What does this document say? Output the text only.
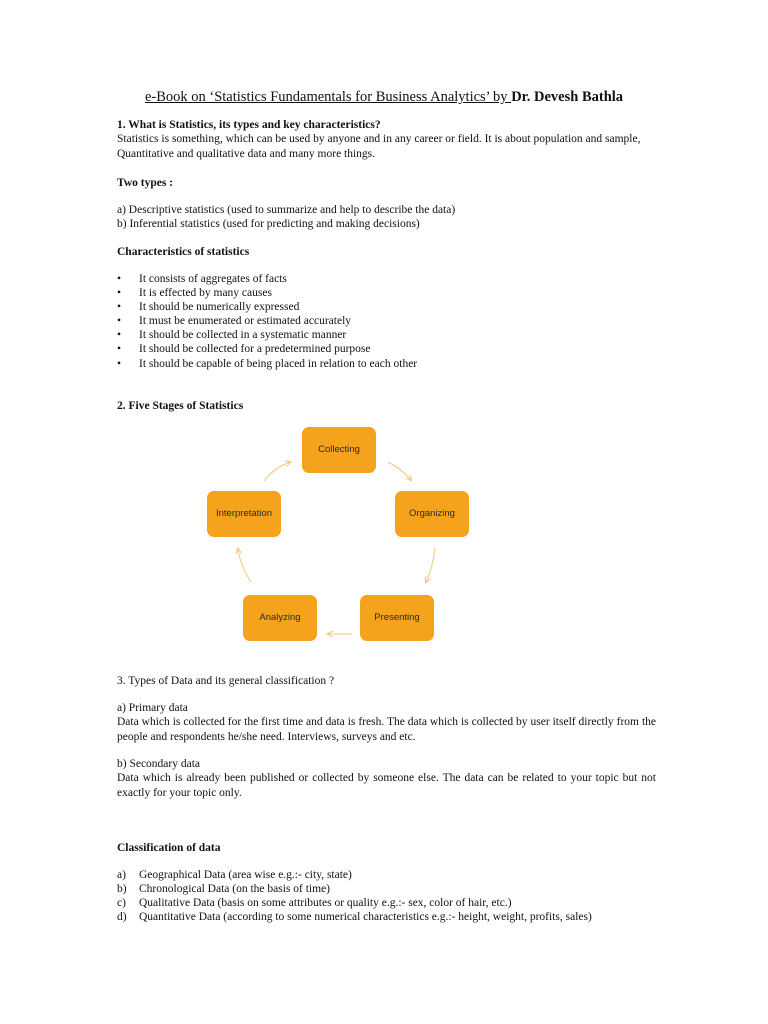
e-Book on ‘Statistics Fundamentals for Business Analytics’ by Dr. Devesh Bathla
1. What is Statistics, its types and key characteristics?

Statistics is something, which can be used by anyone and in any career or field. It is about population and sample, Quantitative and qualitative data and many more things.

Two types :

a) Descriptive statistics (used to summarize and help to describe the data)

b) Inferential statistics (used for predicting and making decisions)

Characteristics of statistics
• It consists of aggregates of facts
• It is effected by many causes
• It should be numerically expressed
• It must be enumerated or estimated accurately
• It should be collected in a systematic manner
• It should be collected for a predetermined purpose
• It should be capable of being placed in relation to each other
2. Five Stages of Statistics
Collecting
Organizing
Presenting
Analyzing
Interpretation

3. Types of Data and its general classification ?

a) Primary data

Data which is collected for the first time and data is fresh. The data which is collected by user itself directly from the people and respondents he/she need. Interviews, surveys and etc.

b) Secondary data

Data which is already been published or collected by someone else. The data can be related to your topic but not exactly for your topic only.

Classification of data
a) Geographical Data (area wise e.g.:- city, state)
b) Chronological Data (on the basis of time)
c) Qualitative Data (basis on some attributes or quality e.g.:- sex, color of hair, etc.)
d) Quantitative Data (according to some numerical characteristics e.g.:- height, weight, profits, sales)
